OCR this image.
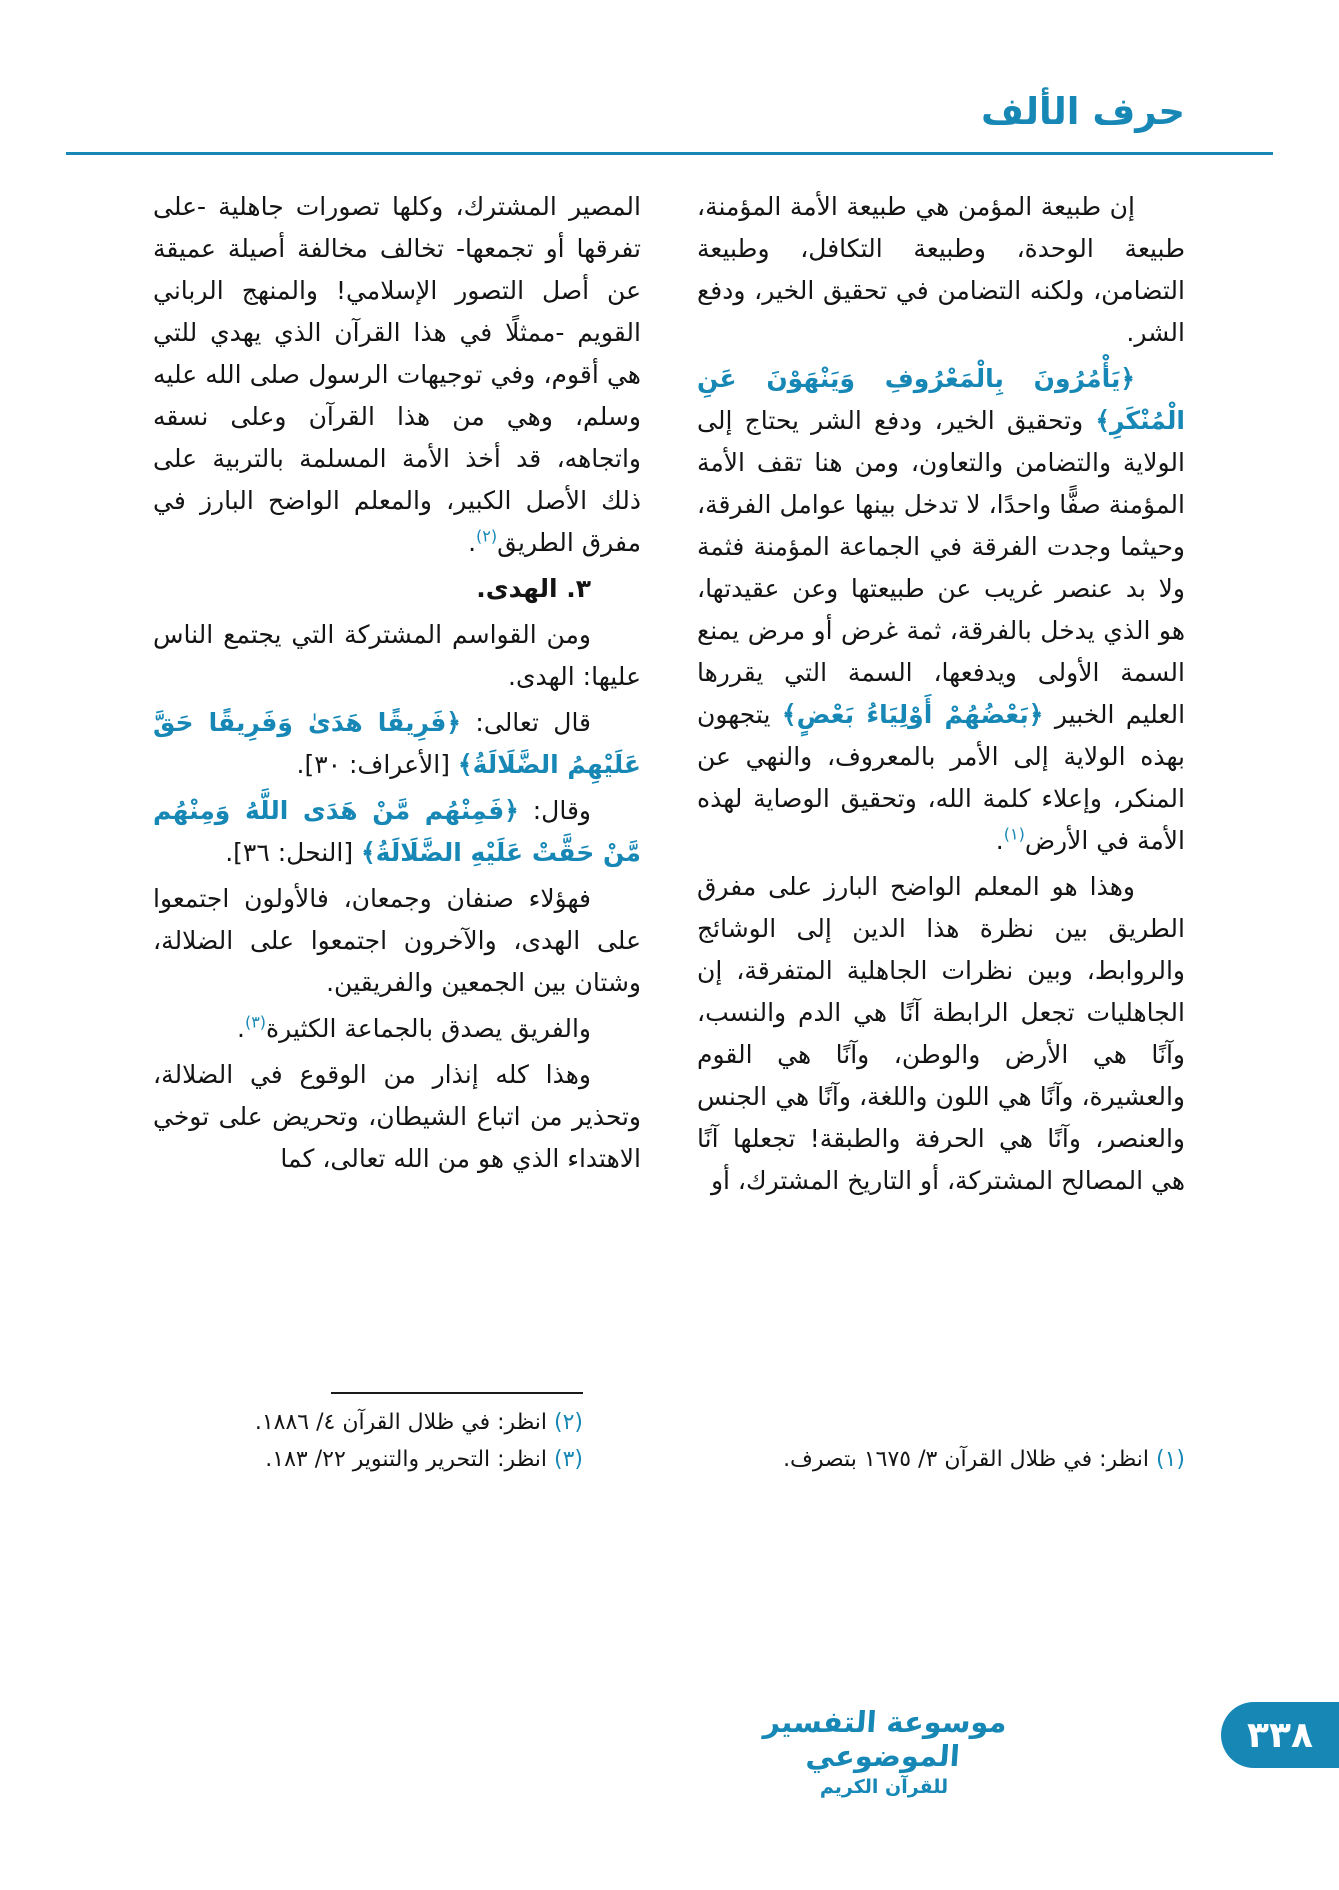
حرف الألف

إن طبيعة المؤمن هي طبيعة الأمة المؤمنة، طبيعة الوحدة، وطبيعة التكافل، وطبيعة التضامن، ولكنه التضامن في تحقيق الخير، ودفع الشر.

﴿يَأْمُرُونَ بِالْمَعْرُوفِ وَيَنْهَوْنَ عَنِ الْمُنْكَرِ﴾ وتحقيق الخير، ودفع الشر يحتاج إلى الولاية والتضامن والتعاون، ومن هنا تقف الأمة المؤمنة صفًّا واحدًا، لا تدخل بينها عوامل الفرقة، وحيثما وجدت الفرقة في الجماعة المؤمنة فثمة ولا بد عنصر غريب عن طبيعتها وعن عقيدتها، هو الذي يدخل بالفرقة، ثمة غرض أو مرض يمنع السمة الأولى ويدفعها، السمة التي يقررها العليم الخبير ﴿بَعْضُهُمْ أَوْلِيَاءُ بَعْضٍ﴾ يتجهون بهذه الولاية إلى الأمر بالمعروف، والنهي عن المنكر، وإعلاء كلمة الله، وتحقيق الوصاية لهذه الأمة في الأرض$^{(١)}$.

وهذا هو المعلم الواضح البارز على مفرق الطريق بين نظرة هذا الدين إلى الوشائج والروابط، وبين نظرات الجاهلية المتفرقة، إن الجاهليات تجعل الرابطة آنًا هي الدم والنسب، وآنًا هي الأرض والوطن، وآنًا هي القوم والعشيرة، وآنًا هي اللون واللغة، وآنًا هي الجنس والعنصر، وآنًا هي الحرفة والطبقة! تجعلها آنًا هي المصالح المشتركة، أو التاريخ المشترك، أو

(١) انظر: في ظلال القرآن ٣/ ١٦٧٥ بتصرف.

المصير المشترك، وكلها تصورات جاهلية -على تفرقها أو تجمعها- تخالف مخالفة أصيلة عميقة عن أصل التصور الإسلامي! والمنهج الرباني القويم -ممثلًا في هذا القرآن الذي يهدي للتي هي أقوم، وفي توجيهات الرسول صلى الله عليه وسلم، وهي من هذا القرآن وعلى نسقه واتجاهه، قد أخذ الأمة المسلمة بالتربية على ذلك الأصل الكبير، والمعلم الواضح البارز في مفرق الطريق$^{(٢)}$.

٣. الهدى.

ومن القواسم المشتركة التي يجتمع الناس عليها: الهدى.

قال تعالى: ﴿فَرِيقًا هَدَىٰ وَفَرِيقًا حَقَّ عَلَيْهِمُ الضَّلَالَةُ﴾ [الأعراف: ٣٠].

وقال: ﴿فَمِنْهُم مَّنْ هَدَى اللَّهُ وَمِنْهُم مَّنْ حَقَّتْ عَلَيْهِ الضَّلَالَةُ﴾ [النحل: ٣٦].

فهؤلاء صنفان وجمعان، فالأولون اجتمعوا على الهدى، والآخرون اجتمعوا على الضلالة، وشتان بين الجمعين والفريقين.

والفريق يصدق بالجماعة الكثيرة$^{(٣)}$.

وهذا كله إنذار من الوقوع في الضلالة، وتحذير من اتباع الشيطان، وتحريض على توخي الاهتداء الذي هو من الله تعالى، كما

(٢) انظر: في ظلال القرآن ٤/ ١٨٨٦.
(٣) انظر: التحرير والتنوير ٢٢/ ١٨٣.
موسوعة التفسير الموضوعي
للقرآن الكريم
٣٣٨
